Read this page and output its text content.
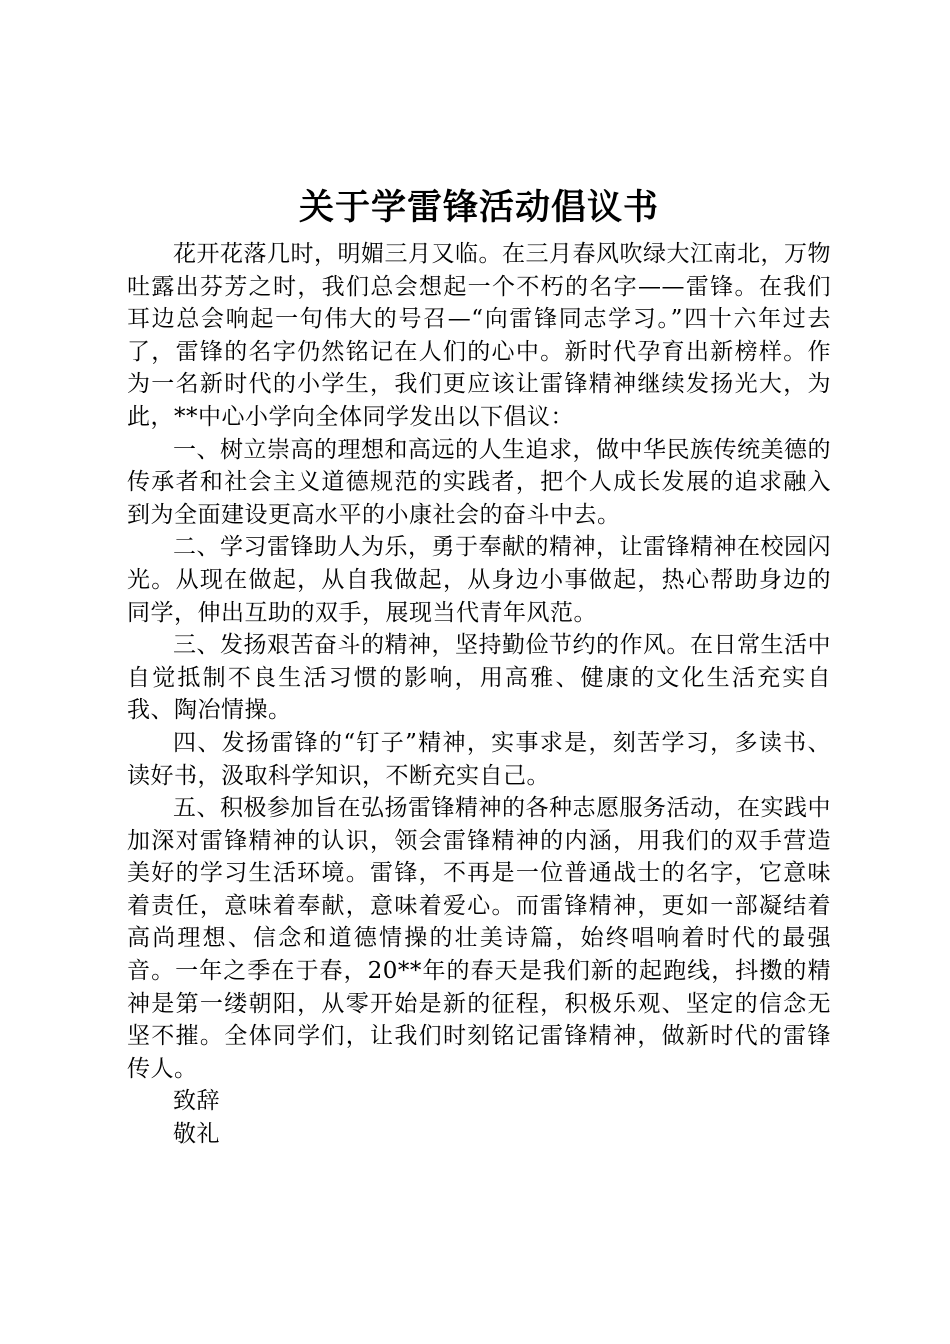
关于学雷锋活动倡议书

花开花落几时，明媚三月又临。在三月春风吹绿大江南北，万物吐露出芬芳之时，我们总会想起一个不朽的名字——雷锋。在我们耳边总会响起一句伟大的号召—“向雷锋同志学习。”四十六年过去了，雷锋的名字仍然铭记在人们的心中。新时代孕育出新榜样。作为一名新时代的小学生，我们更应该让雷锋精神继续发扬光大，为此，**中心小学向全体同学发出以下倡议：

一、树立崇高的理想和高远的人生追求，做中华民族传统美德的传承者和社会主义道德规范的实践者，把个人成长发展的追求融入到为全面建设更高水平的小康社会的奋斗中去。

二、学习雷锋助人为乐，勇于奉献的精神，让雷锋精神在校园闪光。从现在做起，从自我做起，从身边小事做起，热心帮助身边的同学，伸出互助的双手，展现当代青年风范。

三、发扬艰苦奋斗的精神，坚持勤俭节约的作风。在日常生活中自觉抵制不良生活习惯的影响，用高雅、健康的文化生活充实自我、陶冶情操。

四、发扬雷锋的“钉子”精神，实事求是，刻苦学习，多读书、读好书，汲取科学知识，不断充实自己。

五、积极参加旨在弘扬雷锋精神的各种志愿服务活动，在实践中加深对雷锋精神的认识，领会雷锋精神的内涵，用我们的双手营造美好的学习生活环境。雷锋，不再是一位普通战士的名字，它意味着责任，意味着奉献，意味着爱心。而雷锋精神，更如一部凝结着高尚理想、信念和道德情操的壮美诗篇，始终唱响着时代的最强音。一年之季在于春，20**年的春天是我们新的起跑线，抖擞的精神是第一缕朝阳，从零开始是新的征程，积极乐观、坚定的信念无坚不摧。全体同学们，让我们时刻铭记雷锋精神，做新时代的雷锋传人。

致辞

敬礼
